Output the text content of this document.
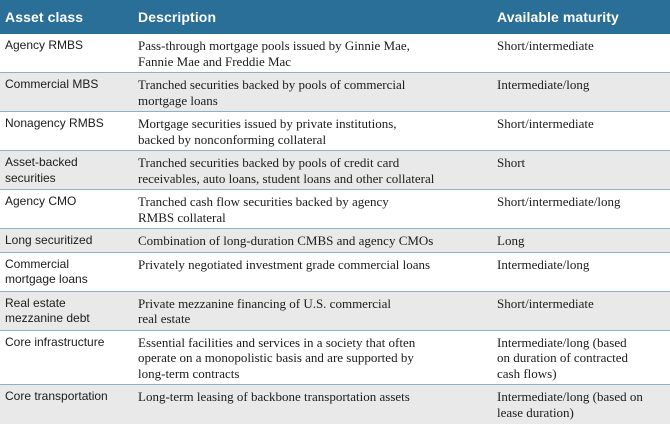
Asset class	Description	Available maturity

Agency RMBS	Pass-through mortgage pools issued by Ginnie Mae,
Fannie Mae and Freddie Mac	Short/intermediate

Commercial MBS	Tranched securities backed by pools of commercial
mortgage loans	Intermediate/long

Nonagency RMBS	Mortgage securities issued by private institutions,
backed by nonconforming collateral	Short/intermediate

Asset-backed
securities	Tranched securities backed by pools of credit card
receivables, auto loans, student loans and other collateral	Short

Agency CMO	Tranched cash flow securities backed by agency
RMBS collateral	Short/intermediate/long

Long securitized	Combination of long-duration CMBS and agency CMOs	Long

Commercial
mortgage loans	Privately negotiated investment grade commercial loans	Intermediate/long

Real estate
mezzanine debt	Private mezzanine financing of U.S. commercial
real estate	Short/intermediate

Core infrastructure	Essential facilities and services in a society that often
operate on a monopolistic basis and are supported by
long-term contracts	Intermediate/long (based
on duration of contracted
cash flows)

Core transportation	Long-term leasing of backbone transportation assets	Intermediate/long (based on
lease duration)
